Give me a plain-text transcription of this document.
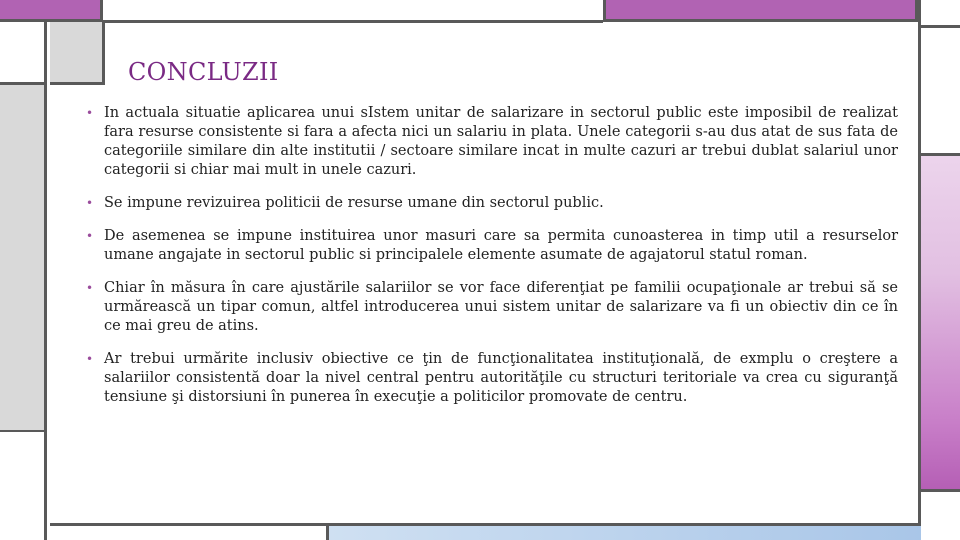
CONCLUZII
• In actuala situatie aplicarea unui sIstem unitar de salarizare in sectorul public este imposibil de realizat fara resurse consistente si fara a afecta nici un salariu in plata. Unele categorii s-au dus atat de sus fata de categoriile similare din alte institutii / sectoare similare incat in multe cazuri ar trebui dublat salariul unor categorii si chiar mai mult in unele cazuri.
• Se impune revizuirea politicii de resurse umane din sectorul public.
• De asemenea se impune instituirea unor masuri care sa permita cunoasterea in timp util a resurselor umane angajate in sectorul public si principalele elemente asumate de agajatorul statul roman.
• Chiar în măsura în care ajustările salariilor se vor face diferenţiat pe familii ocupaţionale ar trebui să se urmărească un tipar comun, altfel introducerea unui sistem unitar de salarizare va fi un obiectiv din ce în ce mai greu de atins.
• Ar trebui urmărite inclusiv obiective ce ţin de funcţionalitatea instituţională, de exmplu o creştere a salariilor consistentă doar la nivel central pentru autorităţile cu structuri teritoriale va crea cu siguranţă tensiune şi distorsiuni în punerea în execuţie a politicilor promovate de centru.
